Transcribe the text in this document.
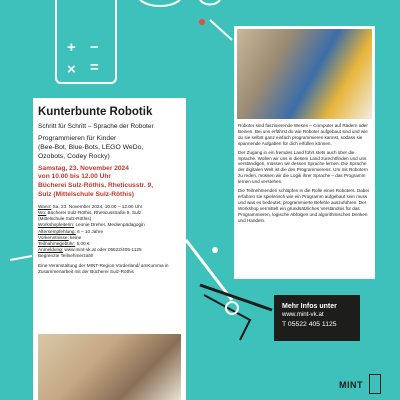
+ −
× =
Kunterbunte Robotik
Schritt für Schritt – Sprache der Roboter
Programmieren für Kinder
(Bee-Bot, Blue-Bots, LEGO WeDo,
Ozobots, Codey Rocky)
Samstag, 23. November 2024
von 10.00 bis 12.00 Uhr
Bücherei Sulz-Röthis, Rheticusstr. 9,
Sulz (Mittelschule Sulz-Röthis)
Wann: Sa, 23. November 2024, 10.00 – 12.00 Uhr
Wo: Bücherei Sulz-Röthis, Rheticusstraße 9, Sulz
(Mittelschule Sulz-Röthis)
Workshopleiterin: Leonie Dreher, Medienpädagogin
Altersempfehlung: 6 – 10 Jahre
Vorkenntnisse: keine
Teilnahmegebühr: 5,00 €
Anmeldung: www.mint-vk.at oder 05522/405-1125
Begrenzte Teilnehmerzahl!
Eine Veranstaltung der MINT-Region Vorderland/ amKumma in Zusammenarbeit mit der Bücherei Sulz-Röthis

Roboter sind faszinierende Wesen – Computer auf Rädern oder Beinen. Bei uns erfährst du wie Roboter aufgebaut sind und wie du sie selbst ganz einfach programmieren kannst, sodass sie spannende Aufgaben für dich erfüllen können.

Der Zugang in ein fremdes Land führt stets auch über die Sprache. Wollen wir uns in diesem Land zurechtfinden und uns verständigen, müssen wir dessen Sprache lernen. Die Sprache der digitalen Welt ist die des Programmierens. Um mit Robotern zu reden, müssen wir die Logik ihrer Sprache – das Programm lernen und verstehen.

Die Teilnehmenden schlüpfen in die Rolle eines Roboters. Dabei erfahren sie spielerisch wie ein Programm aufgebaut sein muss und was es bedeutet, programmierte Befehle auszuführen. Der Workshop vermittelt ein grundsätzliches Verständnis für das Programmieren, logische Abfolgen und algorithmisches Denken und Handeln.

Mehr Infos unter
www.mint-vk.at
T 05522 405 1125
MINT
